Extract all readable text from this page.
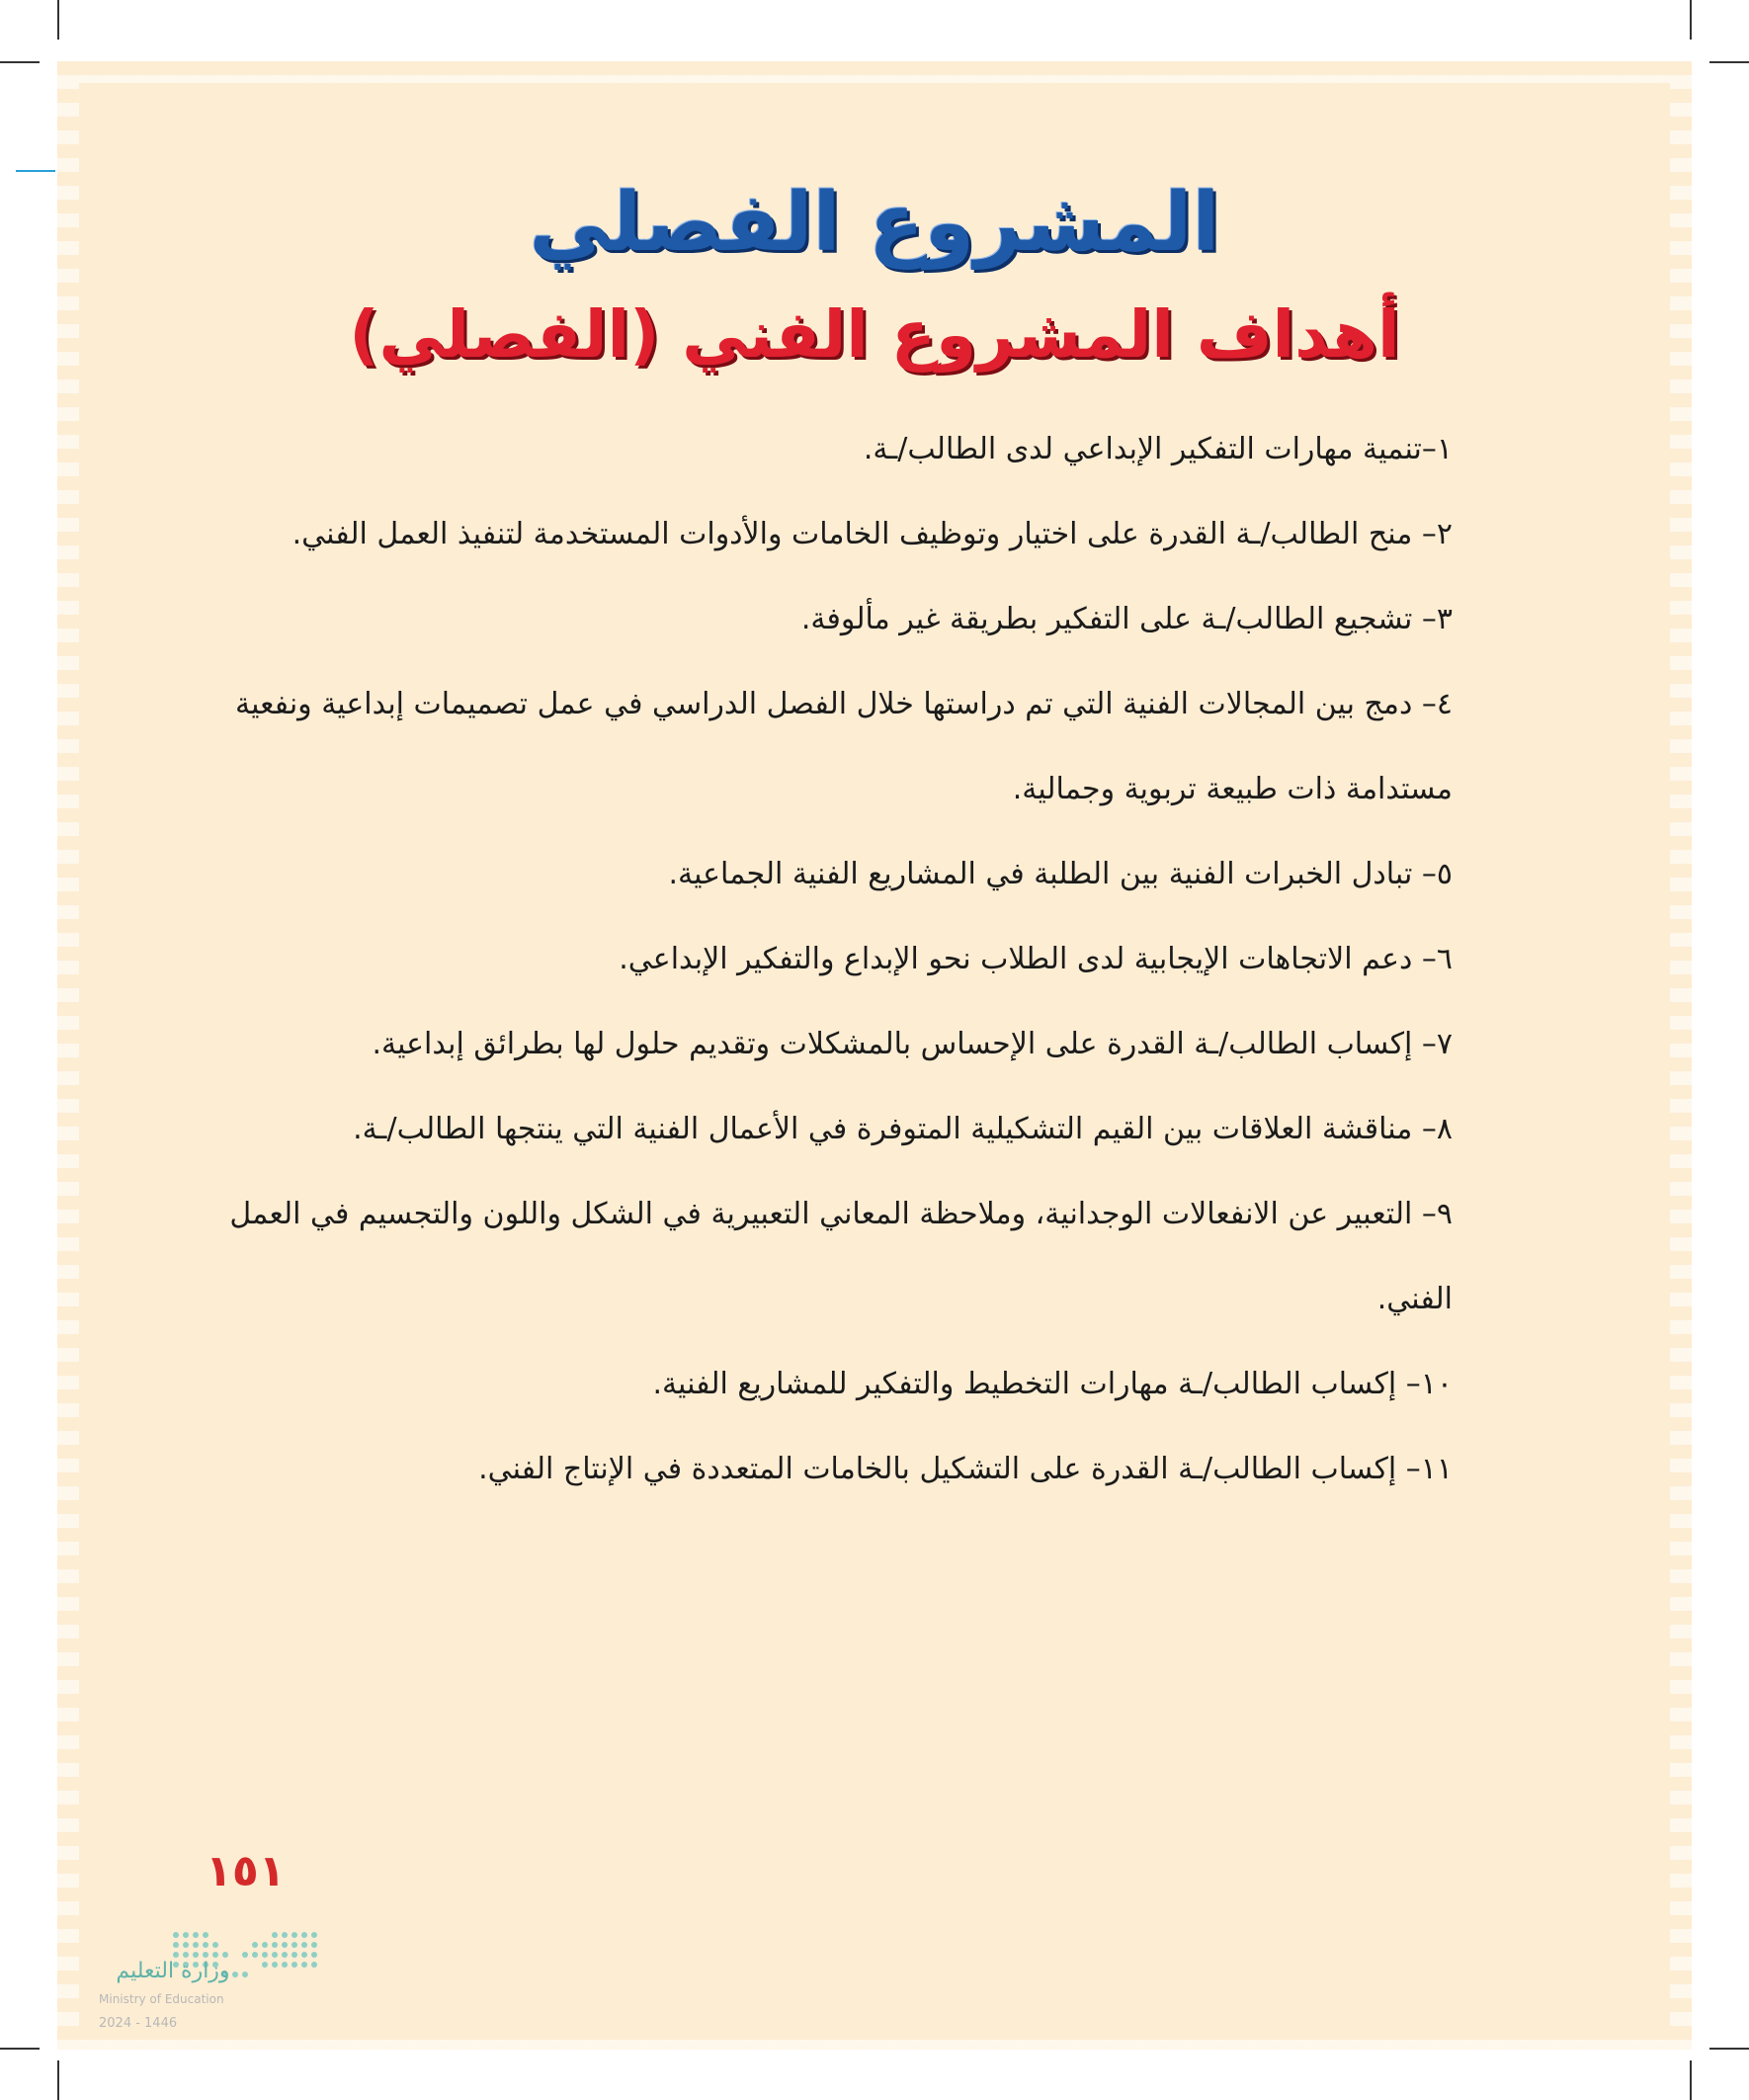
المشروع الفصلي
أهداف المشروع الفني (الفصلي)
١–تنمية مهارات التفكير الإبداعي لدى الطالب/ـة.
٢– منح الطالب/ـة القدرة على اختيار وتوظيف الخامات والأدوات المستخدمة لتنفيذ العمل الفني.
٣– تشجيع الطالب/ـة على التفكير بطريقة غير مألوفة.
٤– دمج بين المجالات الفنية التي تم دراستها خلال الفصل الدراسي في عمل تصميمات إبداعية ونفعية مستدامة ذات طبيعة تربوية وجمالية.
٥– تبادل الخبرات الفنية بين الطلبة في المشاريع الفنية الجماعية.
٦– دعم الاتجاهات الإيجابية لدى الطلاب نحو الإبداع والتفكير الإبداعي.
٧– إكساب الطالب/ـة القدرة على الإحساس بالمشكلات وتقديم حلول لها بطرائق إبداعية.
٨– مناقشة العلاقات بين القيم التشكيلية المتوفرة في الأعمال الفنية التي ينتجها الطالب/ـة.
٩– التعبير عن الانفعالات الوجدانية، وملاحظة المعاني التعبيرية في الشكل واللون والتجسيم في العمل الفني.
١٠– إكساب الطالب/ـة مهارات التخطيط والتفكير للمشاريع الفنية.
١١– إكساب الطالب/ـة القدرة على التشكيل بالخامات المتعددة في الإنتاج الفني.
١٥١
وزارة التعليم
Ministry of Education
2024 - 1446
